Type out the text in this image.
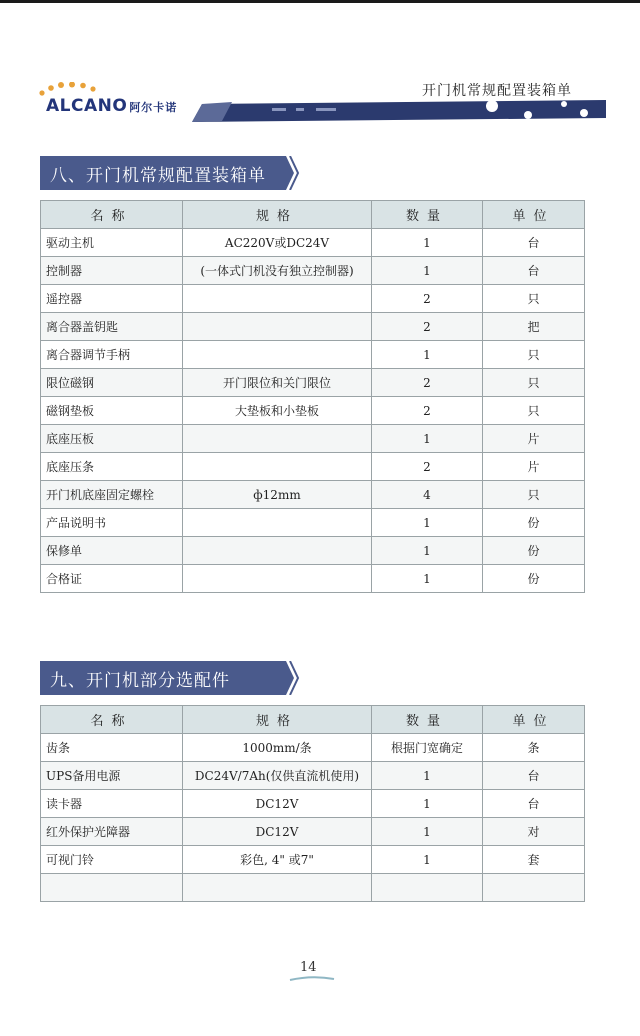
ALCANO 阿尔卡诺
开门机常规配置装箱单
八、开门机常规配置装箱单
名称	规格	数量	单位
驱动主机	AC220V或DC24V	1	台
控制器	(一体式门机没有独立控制器)	1	台
遥控器		2	只
离合器盖钥匙		2	把
离合器调节手柄		1	只
限位磁钢	开门限位和关门限位	2	只
磁钢垫板	大垫板和小垫板	2	只
底座压板		1	片
底座压条		2	片
开门机底座固定螺栓	ф12mm	4	只
产品说明书		1	份
保修单		1	份
合格证		1	份
九、开门机部分选配件
名称	规格	数量	单位
齿条	1000mm/条	根据门宽确定	条
UPS备用电源	DC24V/7Ah(仅供直流机使用)	1	台
读卡器	DC12V	1	台
红外保护光障器	DC12V	1	对
可视门铃	彩色, 4" 或7"	1	套

14
